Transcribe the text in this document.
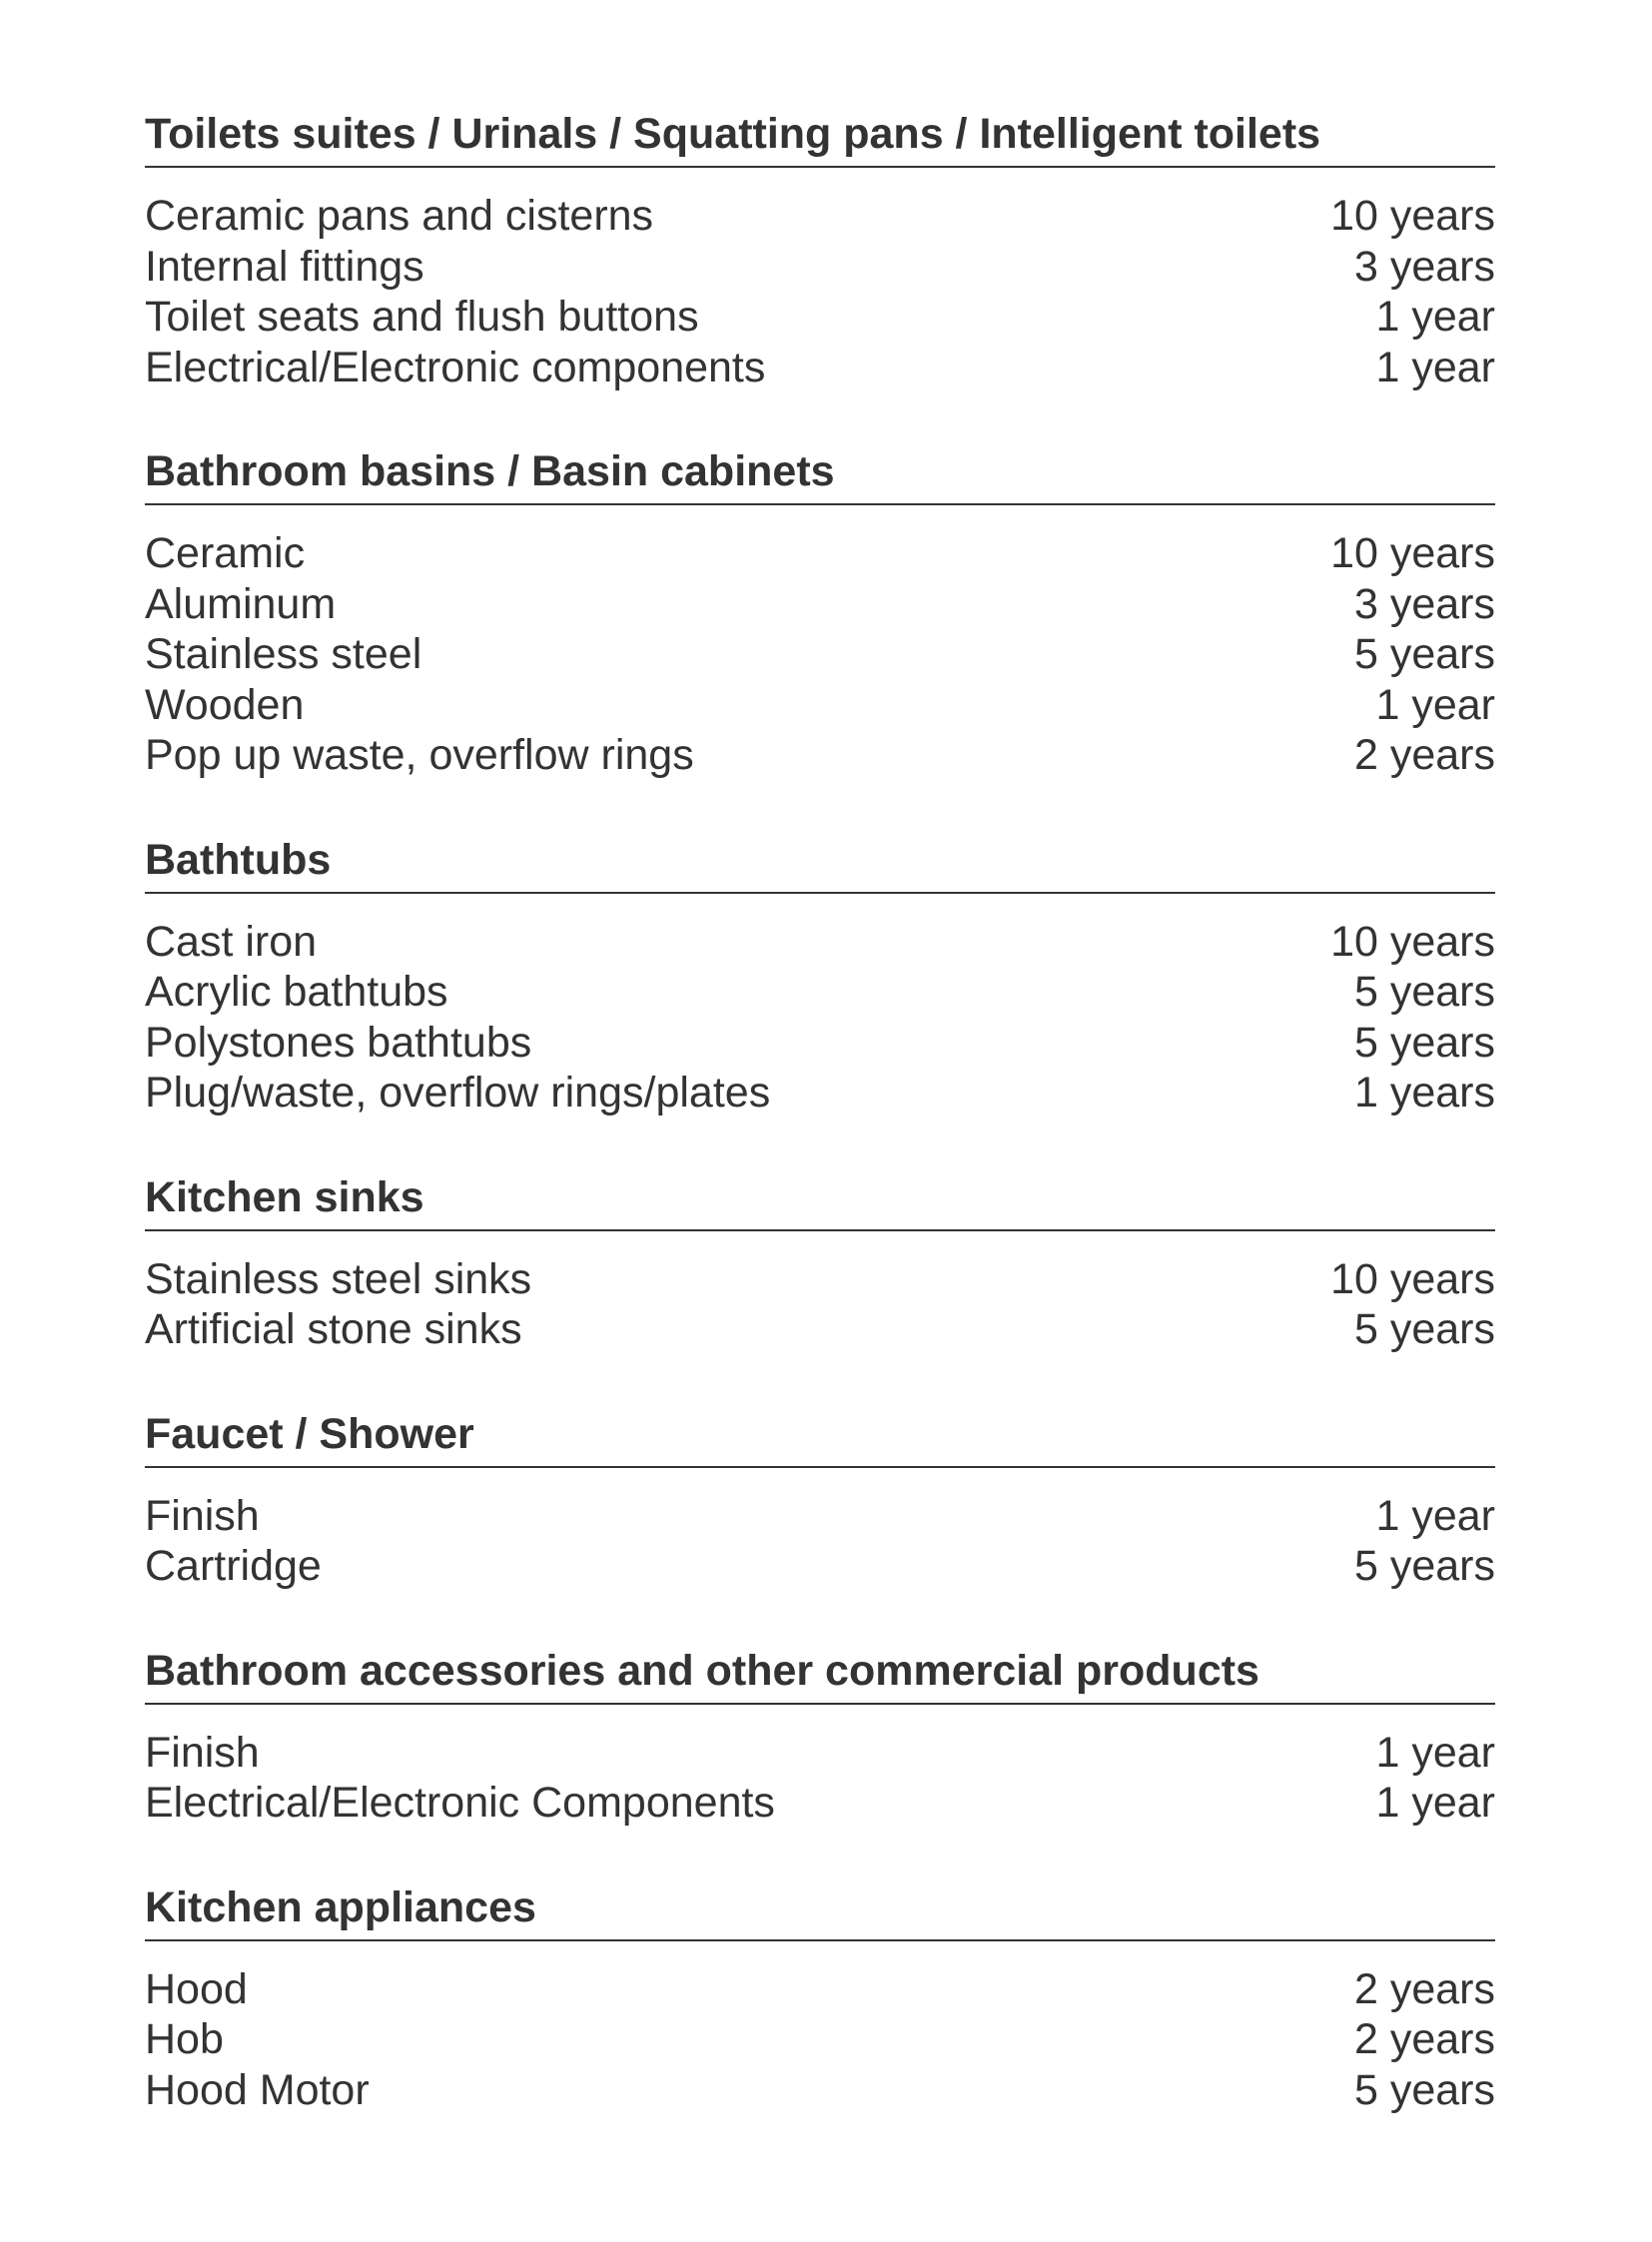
Toilets suites / Urinals / Squatting pans / Intelligent toilets
Ceramic pans and cisterns	10 years
Internal fittings	3 years
Toilet seats and flush buttons	1 year
Electrical/Electronic components	1 year
Bathroom basins / Basin cabinets
Ceramic	10 years
Aluminum	3 years
Stainless steel	5 years
Wooden	1 year
Pop up waste, overflow rings	2 years
Bathtubs
Cast iron	10 years
Acrylic bathtubs	5 years
Polystones bathtubs	5 years
Plug/waste, overflow rings/plates	1 years
Kitchen sinks
Stainless steel sinks	10 years
Artificial stone sinks	5 years
Faucet / Shower
Finish	1 year
Cartridge	5 years
Bathroom accessories and other commercial products
Finish	1 year
Electrical/Electronic Components	1 year
Kitchen appliances
Hood	2 years
Hob	2 years
Hood Motor	5 years
